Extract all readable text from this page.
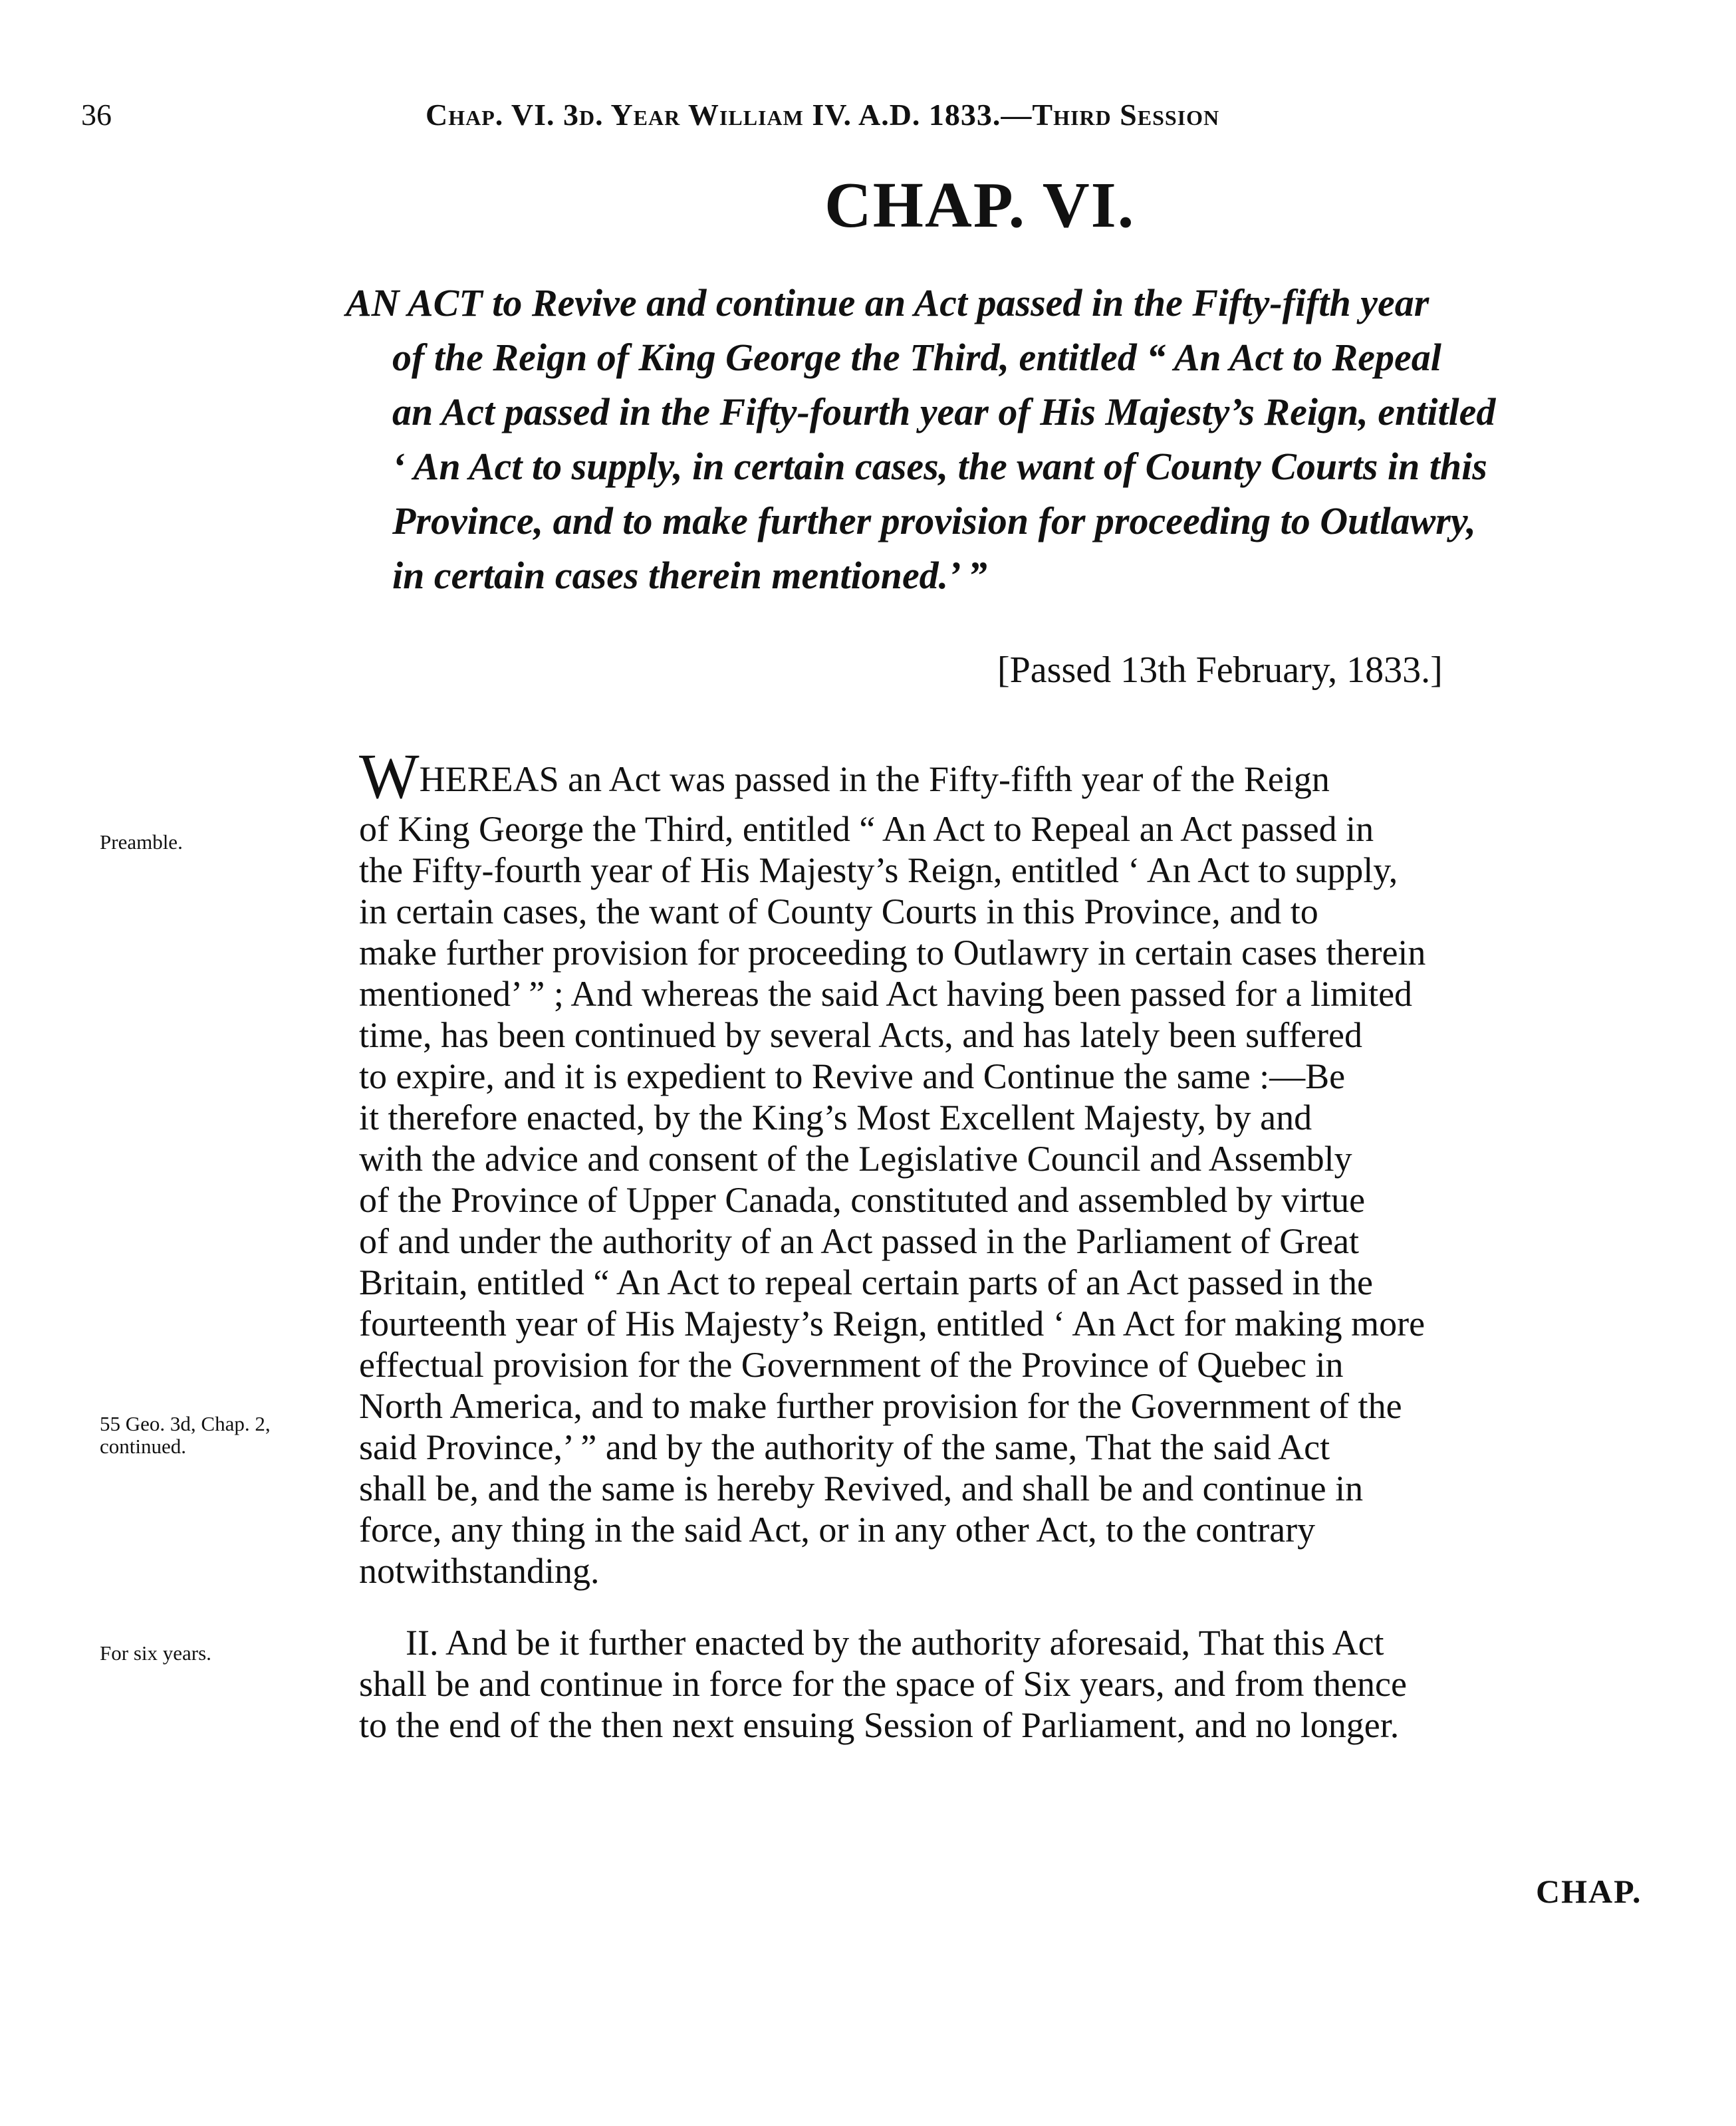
36	Chap. VI. 3d. Year William IV. A.D. 1833.—Third Session
CHAP. VI.
AN ACT to Revive and continue an Act passed in the Fifty-fifth year
of the Reign of King George the Third, entitled “ An Act to Repeal
an Act passed in the Fifty-fourth year of His Majesty’s Reign, entitled
‘ An Act to supply, in certain cases, the want of County Courts in this
Province, and to make further provision for proceeding to Outlawry,
in certain cases therein mentioned.’ ”
[Passed 13th February, 1833.]
Preamble.
55 Geo. 3d, Chap. 2,
continued.
For six years.
WHEREAS an Act was passed in the Fifty-fifth year of the Reign
of King George the Third, entitled “ An Act to Repeal an Act passed in
the Fifty-fourth year of His Majesty’s Reign, entitled ‘ An Act to supply,
in certain cases, the want of County Courts in this Province, and to
make further provision for proceeding to Outlawry in certain cases therein
mentioned’ ” ; And whereas the said Act having been passed for a limited
time, has been continued by several Acts, and has lately been suffered
to expire, and it is expedient to Revive and Continue the same :—Be
it therefore enacted, by the King’s Most Excellent Majesty, by and
with the advice and consent of the Legislative Council and Assembly
of the Province of Upper Canada, constituted and assembled by virtue
of and under the authority of an Act passed in the Parliament of Great
Britain, entitled “ An Act to repeal certain parts of an Act passed in the
fourteenth year of His Majesty’s Reign, entitled ‘ An Act for making more
effectual provision for the Government of the Province of Quebec in
North America, and to make further provision for the Government of the
said Province,’ ” and by the authority of the same, That the said Act
shall be, and the same is hereby Revived, and shall be and continue in
force, any thing in the said Act, or in any other Act, to the contrary
notwithstanding.
II. And be it further enacted by the authority aforesaid, That this Act
shall be and continue in force for the space of Six years, and from thence
to the end of the then next ensuing Session of Parliament, and no longer.
CHAP.
